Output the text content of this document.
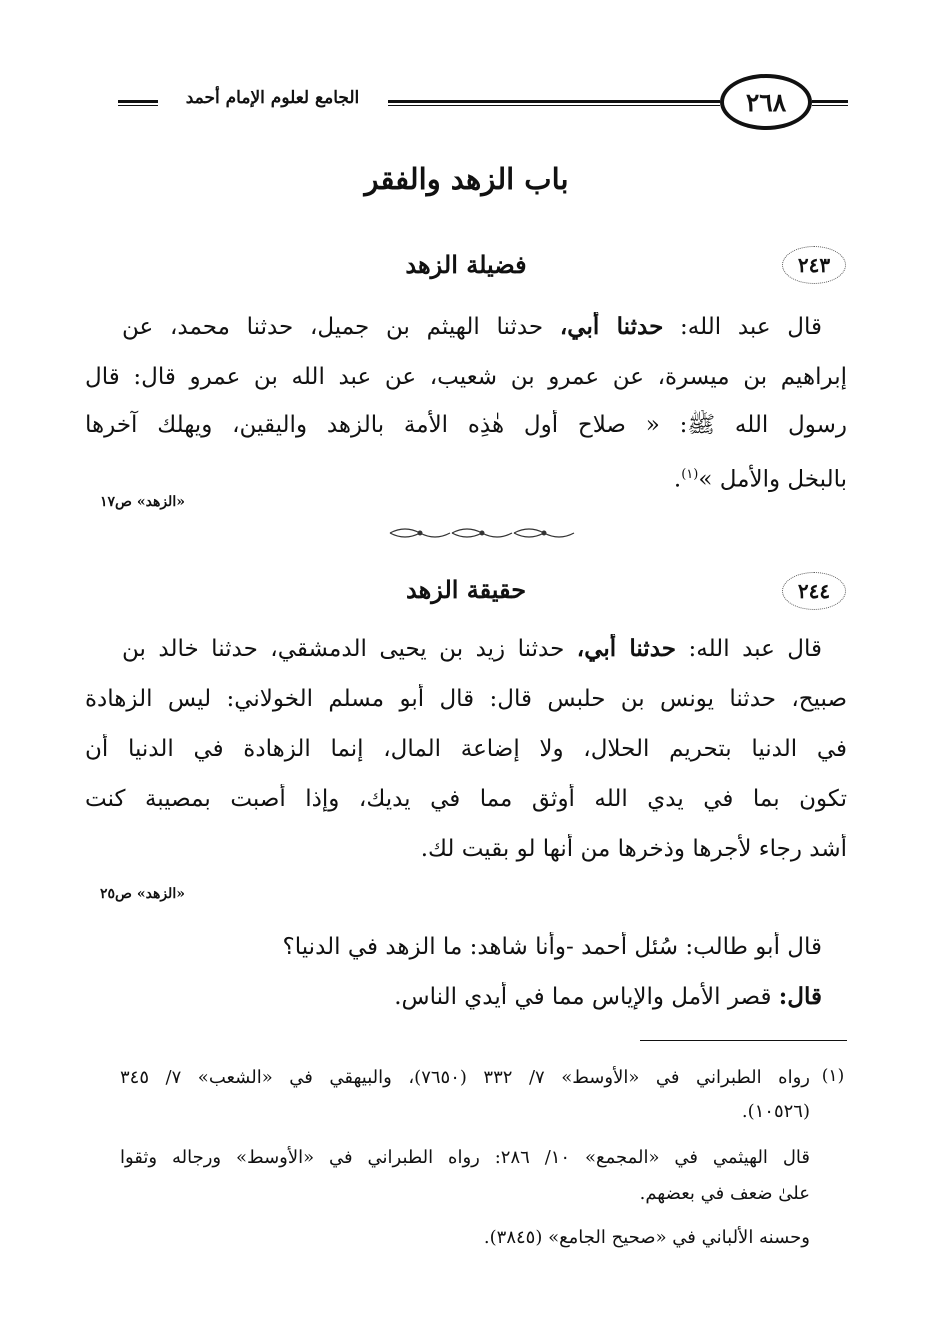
الجامع لعلوم الإمام أحمد	٢٦٨
باب الزهد والفقر
٢٤٣
فضيلة الزهد
قال عبد الله: حدثنا أبي، حدثنا الهيثم بن جميل، حدثنا محمد، عن
إبراهيم بن ميسرة، عن عمرو بن شعيب، عن عبد الله بن عمرو قال: قال
رسول الله ﷺ: « صلاح أول هٰذِه الأمة بالزهد واليقين، ويهلك آخرها
بالبخل والأمل »$^{(١)}$.
«الزهد» ص١٧
٢٤٤
حقيقة الزهد
قال عبد الله: حدثنا أبي، حدثنا زيد بن يحيى الدمشقي، حدثنا خالد بن
صبيح، حدثنا يونس بن حلبس قال: قال أبو مسلم الخولاني: ليس الزهادة
في الدنيا بتحريم الحلال، ولا إضاعة المال، إنما الزهادة في الدنيا أن
تكون بما في يدي الله أوثق مما في يديك، وإذا أصبت بمصيبة كنت
أشد رجاء لأجرها وذخرها من أنها لو بقيت لك.
«الزهد» ص٢٥
قال أبو طالب: سُئل أحمد -وأنا شاهد: ما الزهد في الدنيا؟
قال: قصر الأمل والإياس مما في أيدي الناس.
(١)
رواه الطبراني في «الأوسط» ٧/ ٣٣٢ (٧٦٥٠)، والبيهقي في «الشعب» ٧/ ٣٤٥
(١٠٥٢٦).
قال الهيثمي في «المجمع» ١٠/ ٢٨٦: رواه الطبراني في «الأوسط» ورجاله وثقوا
علىٰ ضعف في بعضهم.
وحسنه الألباني في «صحيح الجامع» (٣٨٤٥).
